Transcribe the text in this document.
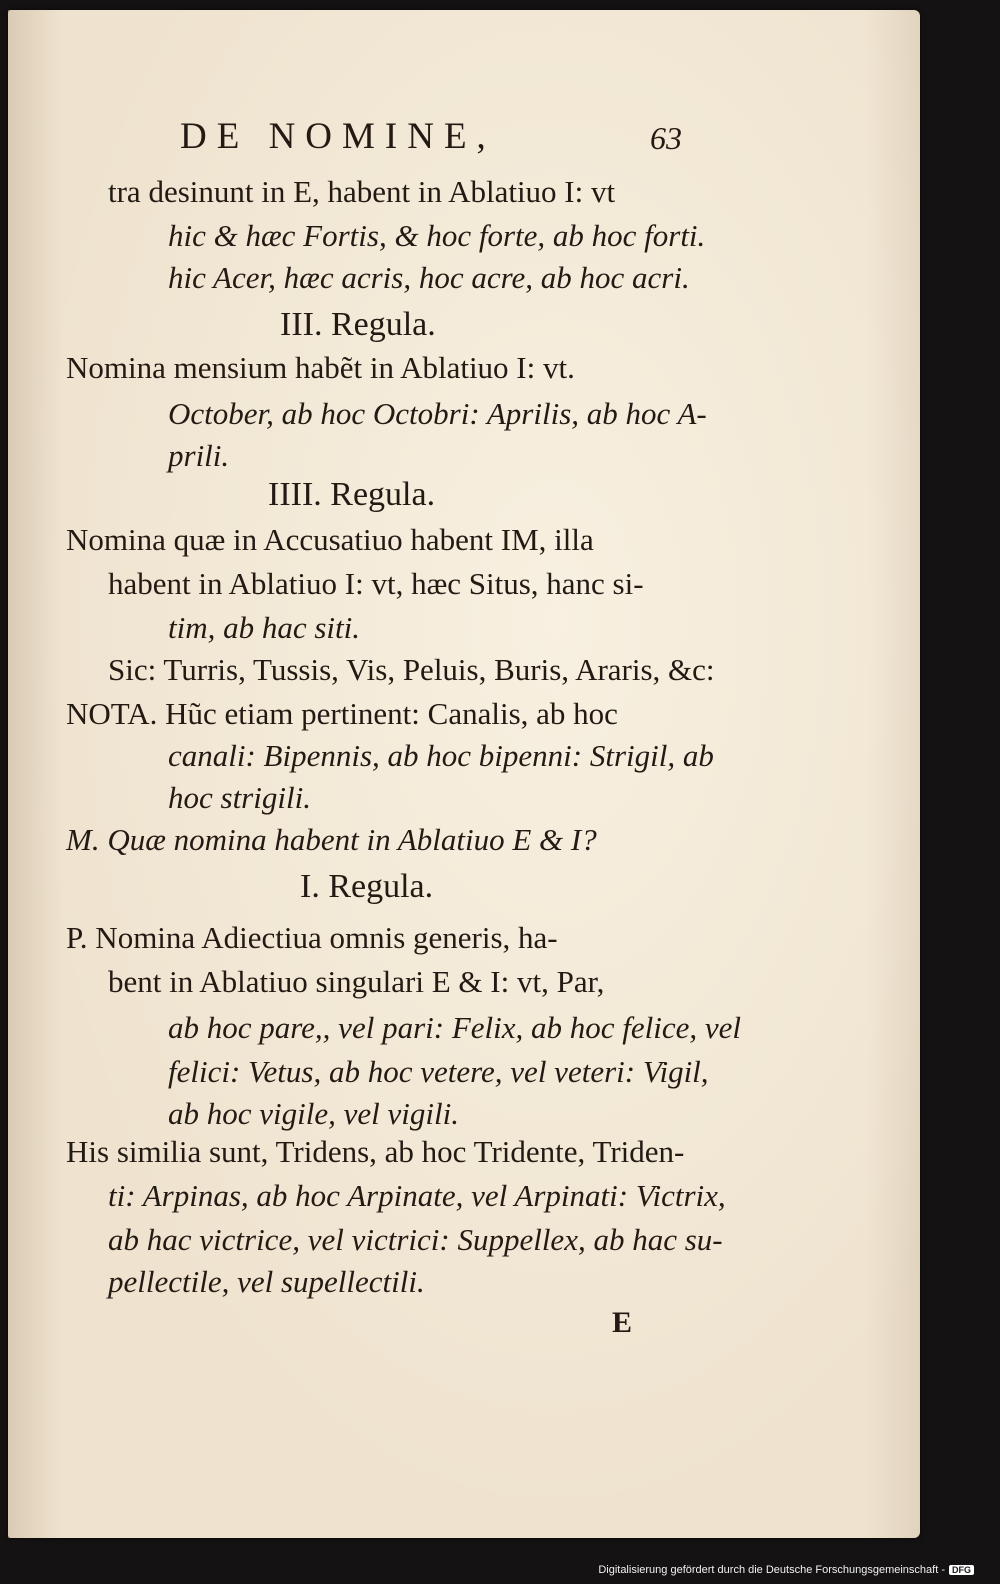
DE NOMINE,	63
tra desinunt in E, habent in Ablatiuo I: vt
hic & hæc Fortis, & hoc forte, ab hoc forti.
hic Acer, hæc acris, hoc acre, ab hoc acri.
III. Regula.
Nomina mensium habẽt in Ablatiuo I: vt.
October, ab hoc Octobri: Aprilis, ab hoc A-
prili.
IIII. Regula.
Nomina quæ in Accusatiuo habent IM, illa
habent in Ablatiuo I: vt, hæc Situs, hanc si-
tim, ab hac siti.
Sic: Turris, Tussis, Vis, Peluis, Buris, Araris, &c:
NOTA. Hũc etiam pertinent: Canalis, ab hoc
canali: Bipennis, ab hoc bipenni: Strigil, ab
hoc strigili.
M. Quæ nomina habent in Ablatiuo E & I?
I. Regula.
P. Nomina Adiectiua omnis generis, ha-
bent in Ablatiuo singulari E & I: vt, Par,
ab hoc pare,, vel pari: Felix, ab hoc felice, vel
felici: Vetus, ab hoc vetere, vel veteri: Vigil,
ab hoc vigile, vel vigili.
His similia sunt, Tridens, ab hoc Tridente, Triden-
ti: Arpinas, ab hoc Arpinate, vel Arpinati: Victrix,
ab hac victrice, vel victrici: Suppellex, ab hac su-
pellectile, vel supellectili.
E
Digitalisierung gefördert durch die Deutsche Forschungsgemeinschaft - DFG
